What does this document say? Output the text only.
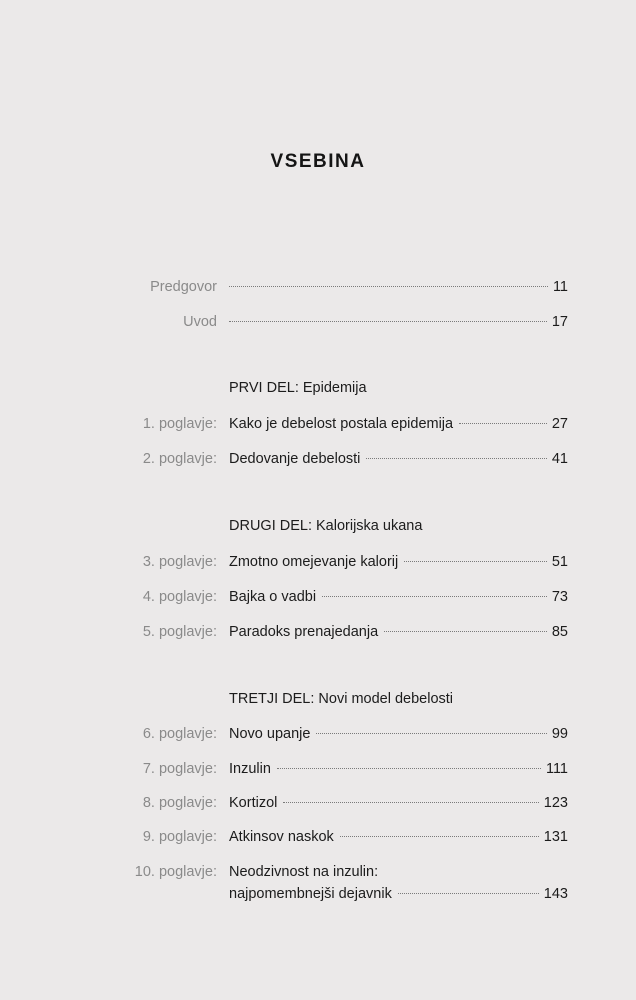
VSEBINA
Predgovor	11
Uvod	17
PRVI DEL: Epidemija
1. poglavje: Kako je debelost postala epidemija	27
2. poglavje: Dedovanje debelosti	41
DRUGI DEL: Kalorijska ukana
3. poglavje: Zmotno omejevanje kalorij	51
4. poglavje: Bajka o vadbi	73
5. poglavje: Paradoks prenajedanja	85
TRETJI DEL: Novi model debelosti
6. poglavje: Novo upanje	99
7. poglavje: Inzulin	111
8. poglavje: Kortizol	123
9. poglavje: Atkinsov naskok	131
10. poglavje: Neodzivnost na inzulin:
najpomembnejši dejavnik	143
